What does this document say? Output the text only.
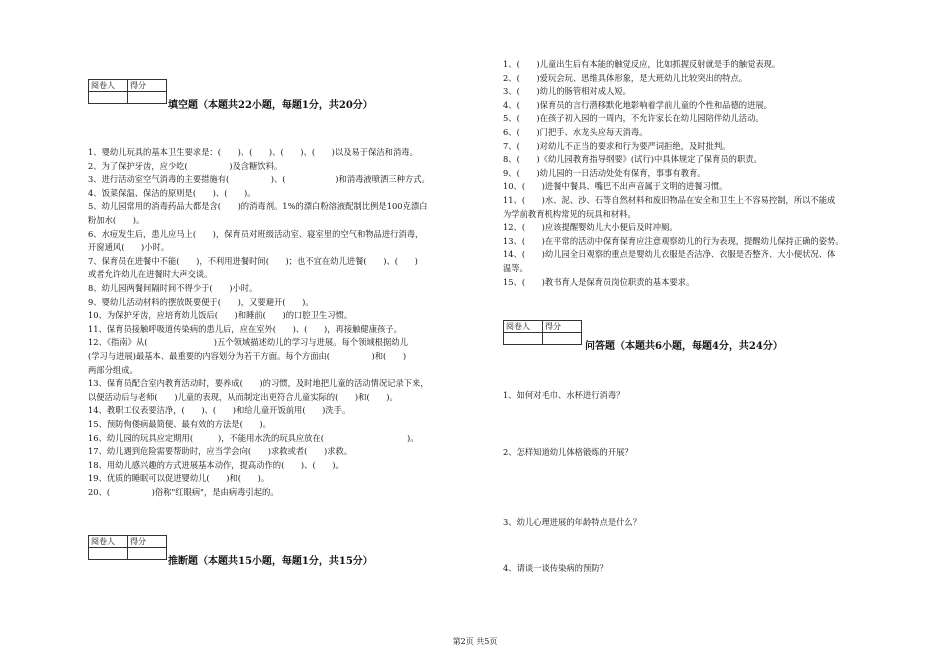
阅卷人	得分

填空题（本题共22小题，每题1分，共20分）
1、婴幼儿玩具的基本卫生要求是：(　　)、(　　)、(　　)、(　　)以及易于保洁和消毒。
2、为了保护牙齿，应少吃(　　　　　)及含糖饮料。
3、进行活动室空气消毒的主要措施有(　　　　　)、(　　　　　　)和消毒液喷洒三种方式。
4、饭菜保温、保洁的原则是(　　)、(　　)。
5、幼儿园常用的消毒药品大都是含(　　)的消毒剂。1%的漂白粉溶液配制比例是100克漂白
粉加水(　　)。
6、水痘发生后，患儿应马上(　　)，保育员对班级活动室、寝室里的空气和物品进行消毒，
开窗通风(　　)小时。
7、保育员在进餐中不能(　　)，不利用进餐时间(　　)；也不宜在幼儿进餐(　　)、(　　)
或者允许幼儿在进餐时大声交谈。
8、幼儿园两餐间隔时间不得少于(　　)小时。
9、婴幼儿活动材料的摆放既要便于(　　)，又要避开(　　)。
10、为保护牙齿，应培育幼儿饭后(　　)和睡前(　　)的口腔卫生习惯。
11、保育员接触呼吸道传染病的患儿后，应在室外(　　)、(　　)，再接触健康孩子。
12、《指南》从(　　　　　　　　)五个领域描述幼儿的学习与进展。每个领域根据幼儿
(学习与进展)最基本、最重要的内容划分为若干方面。每个方面由(　　　　　)和(　　)
两部分组成。
13、保育员配合室内教育活动时，要养成(　　)的习惯，及时地把儿童的活动情况记录下来，
以便活动后与老师(　　)儿童的表现，从而制定出更符合儿童实际的(　　)和(　　)。
14、教职工仪表要洁净，(　　)、(　　)和给儿童开饭前用(　　)洗手。
15、预防佝偻病最简便、最有效的方法是(　　)。
16、幼儿园的玩具应定期用(　　　)，不能用水洗的玩具应放在(　　　　　　　　　　)。
17、幼儿遇到危险需要帮助时，应当学会向(　　)求救或者(　　)求救。
18、用幼儿感兴趣的方式进展基本动作，提高动作的(　　)、(　　)。
19、优质的睡眠可以促进婴幼儿(　　)和(　　)。
20、(　　　　　)俗称"红眼病"，是由病毒引起的。
阅卷人	得分

推断题（本题共15小题，每题1分，共15分）
1、(　　)儿童出生后有本能的触觉反应，比如抓握反射就是手的触觉表现。
2、(　　)爱玩会玩、思维具体形象，是大班幼儿比较突出的特点。
3、(　　)幼儿的肠管相对成人短。
4、(　　)保育员的言行潜移默化地影响着学前儿童的个性和品德的进展。
5、(　　)在孩子初入园的一周内，不允许家长在幼儿园陪伴幼儿活动。
6、(　　)门把手、水龙头应每天消毒。
7、(　　)对幼儿不正当的要求和行为要严词拒绝，及时批判。
8、(　　)《幼儿园教育指导纲要》(试行)中具体规定了保育员的职责。
9、(　　)幼儿园的一日活动处处有保育，事事有教育。
10、(　　)进餐中餐具、嘴巴不出声音属于文明的进餐习惯。
11、(　　)水、泥、沙、石等自然材料和废旧物品在安全和卫生上不容易控制，所以不能成
为学前教育机构常见的玩具和材料。
12、(　　)应该提醒婴幼儿大小便后及时冲厕。
13、(　　)在平常的活动中保育保育应注意观察幼儿的行为表现，提醒幼儿保持正确的姿势。
14、(　　)幼儿园全日观察的重点是婴幼儿衣服是否洁净、衣服是否整齐、大小便状况、体
温等。
15、(　　)教书育人是保育员岗位职责的基本要求。
阅卷人	得分

问答题（本题共6小题，每题4分，共24分）
1、如何对毛巾、水杯进行消毒？
2、怎样知道幼儿体格锻炼的开展？
3、幼儿心理进展的年龄特点是什么？
4、请谈一谈传染病的预防？
第2页 共5页
